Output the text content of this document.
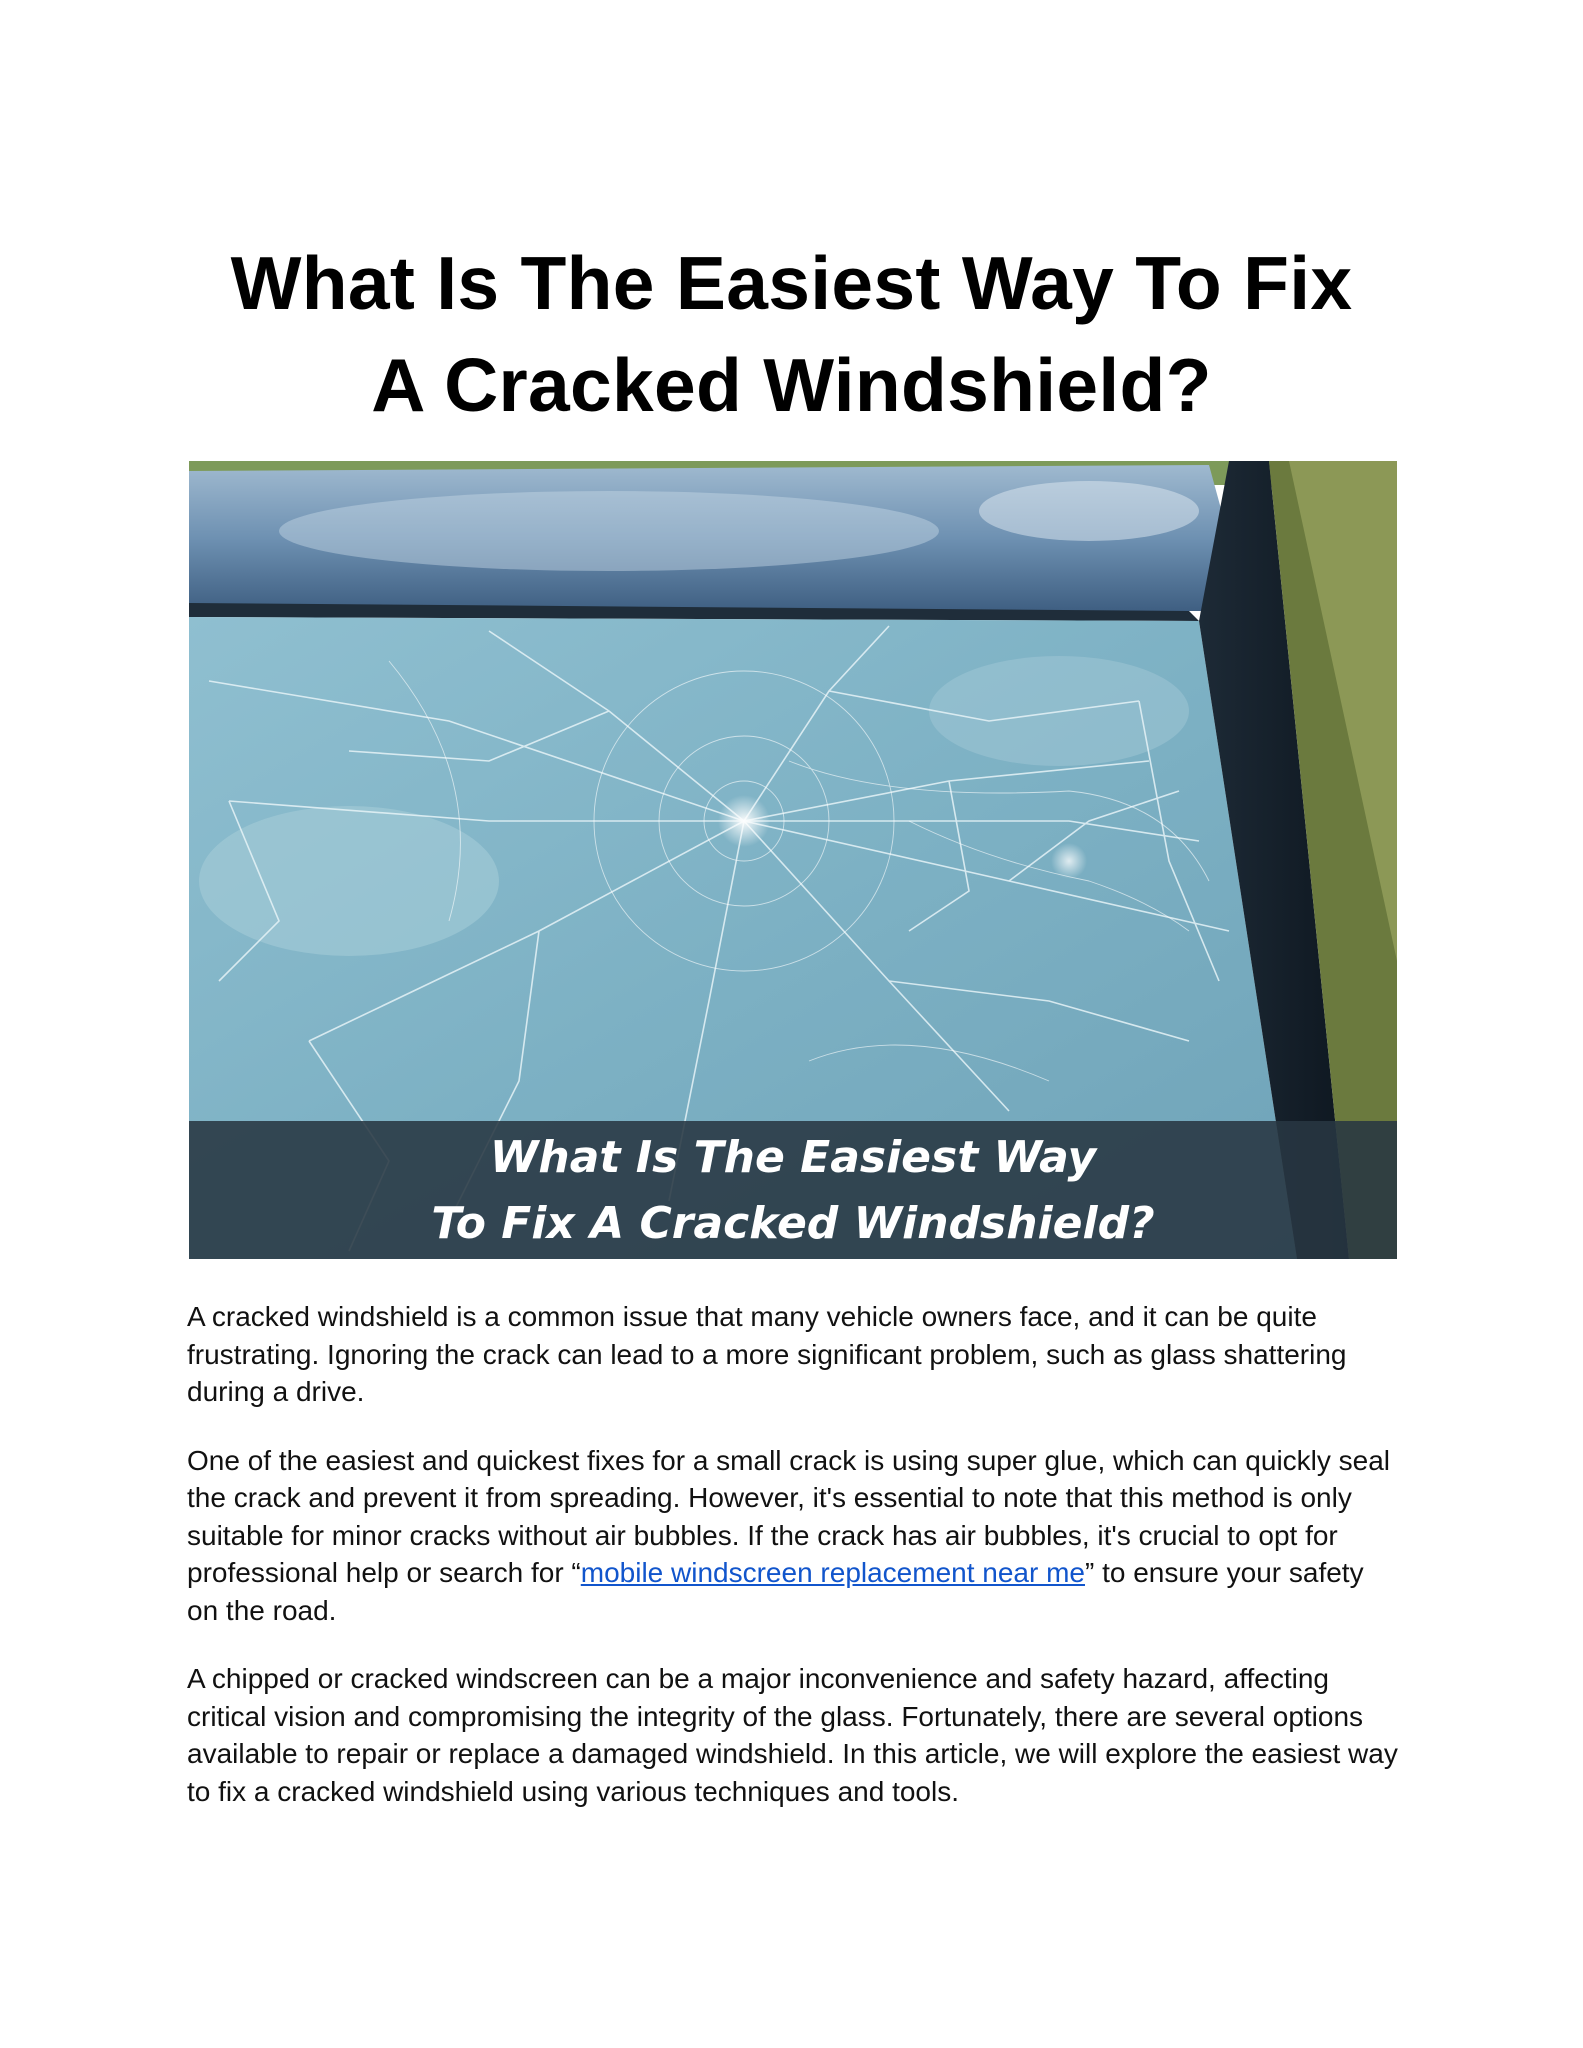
What Is The Easiest Way To Fix
A Cracked Windshield?
What Is The Easiest Way
To Fix A Cracked Windshield?

A cracked windshield is a common issue that many vehicle owners face, and it can be quite frustrating. Ignoring the crack can lead to a more significant problem, such as glass shattering during a drive.

One of the easiest and quickest fixes for a small crack is using super glue, which can quickly seal the crack and prevent it from spreading. However, it's essential to note that this method is only suitable for minor cracks without air bubbles. If the crack has air bubbles, it's crucial to opt for professional help or search for “mobile windscreen replacement near me” to ensure your safety on the road.

A chipped or cracked windscreen can be a major inconvenience and safety hazard, affecting critical vision and compromising the integrity of the glass. Fortunately, there are several options available to repair or replace a damaged windshield. In this article, we will explore the easiest way to fix a cracked windshield using various techniques and tools.
